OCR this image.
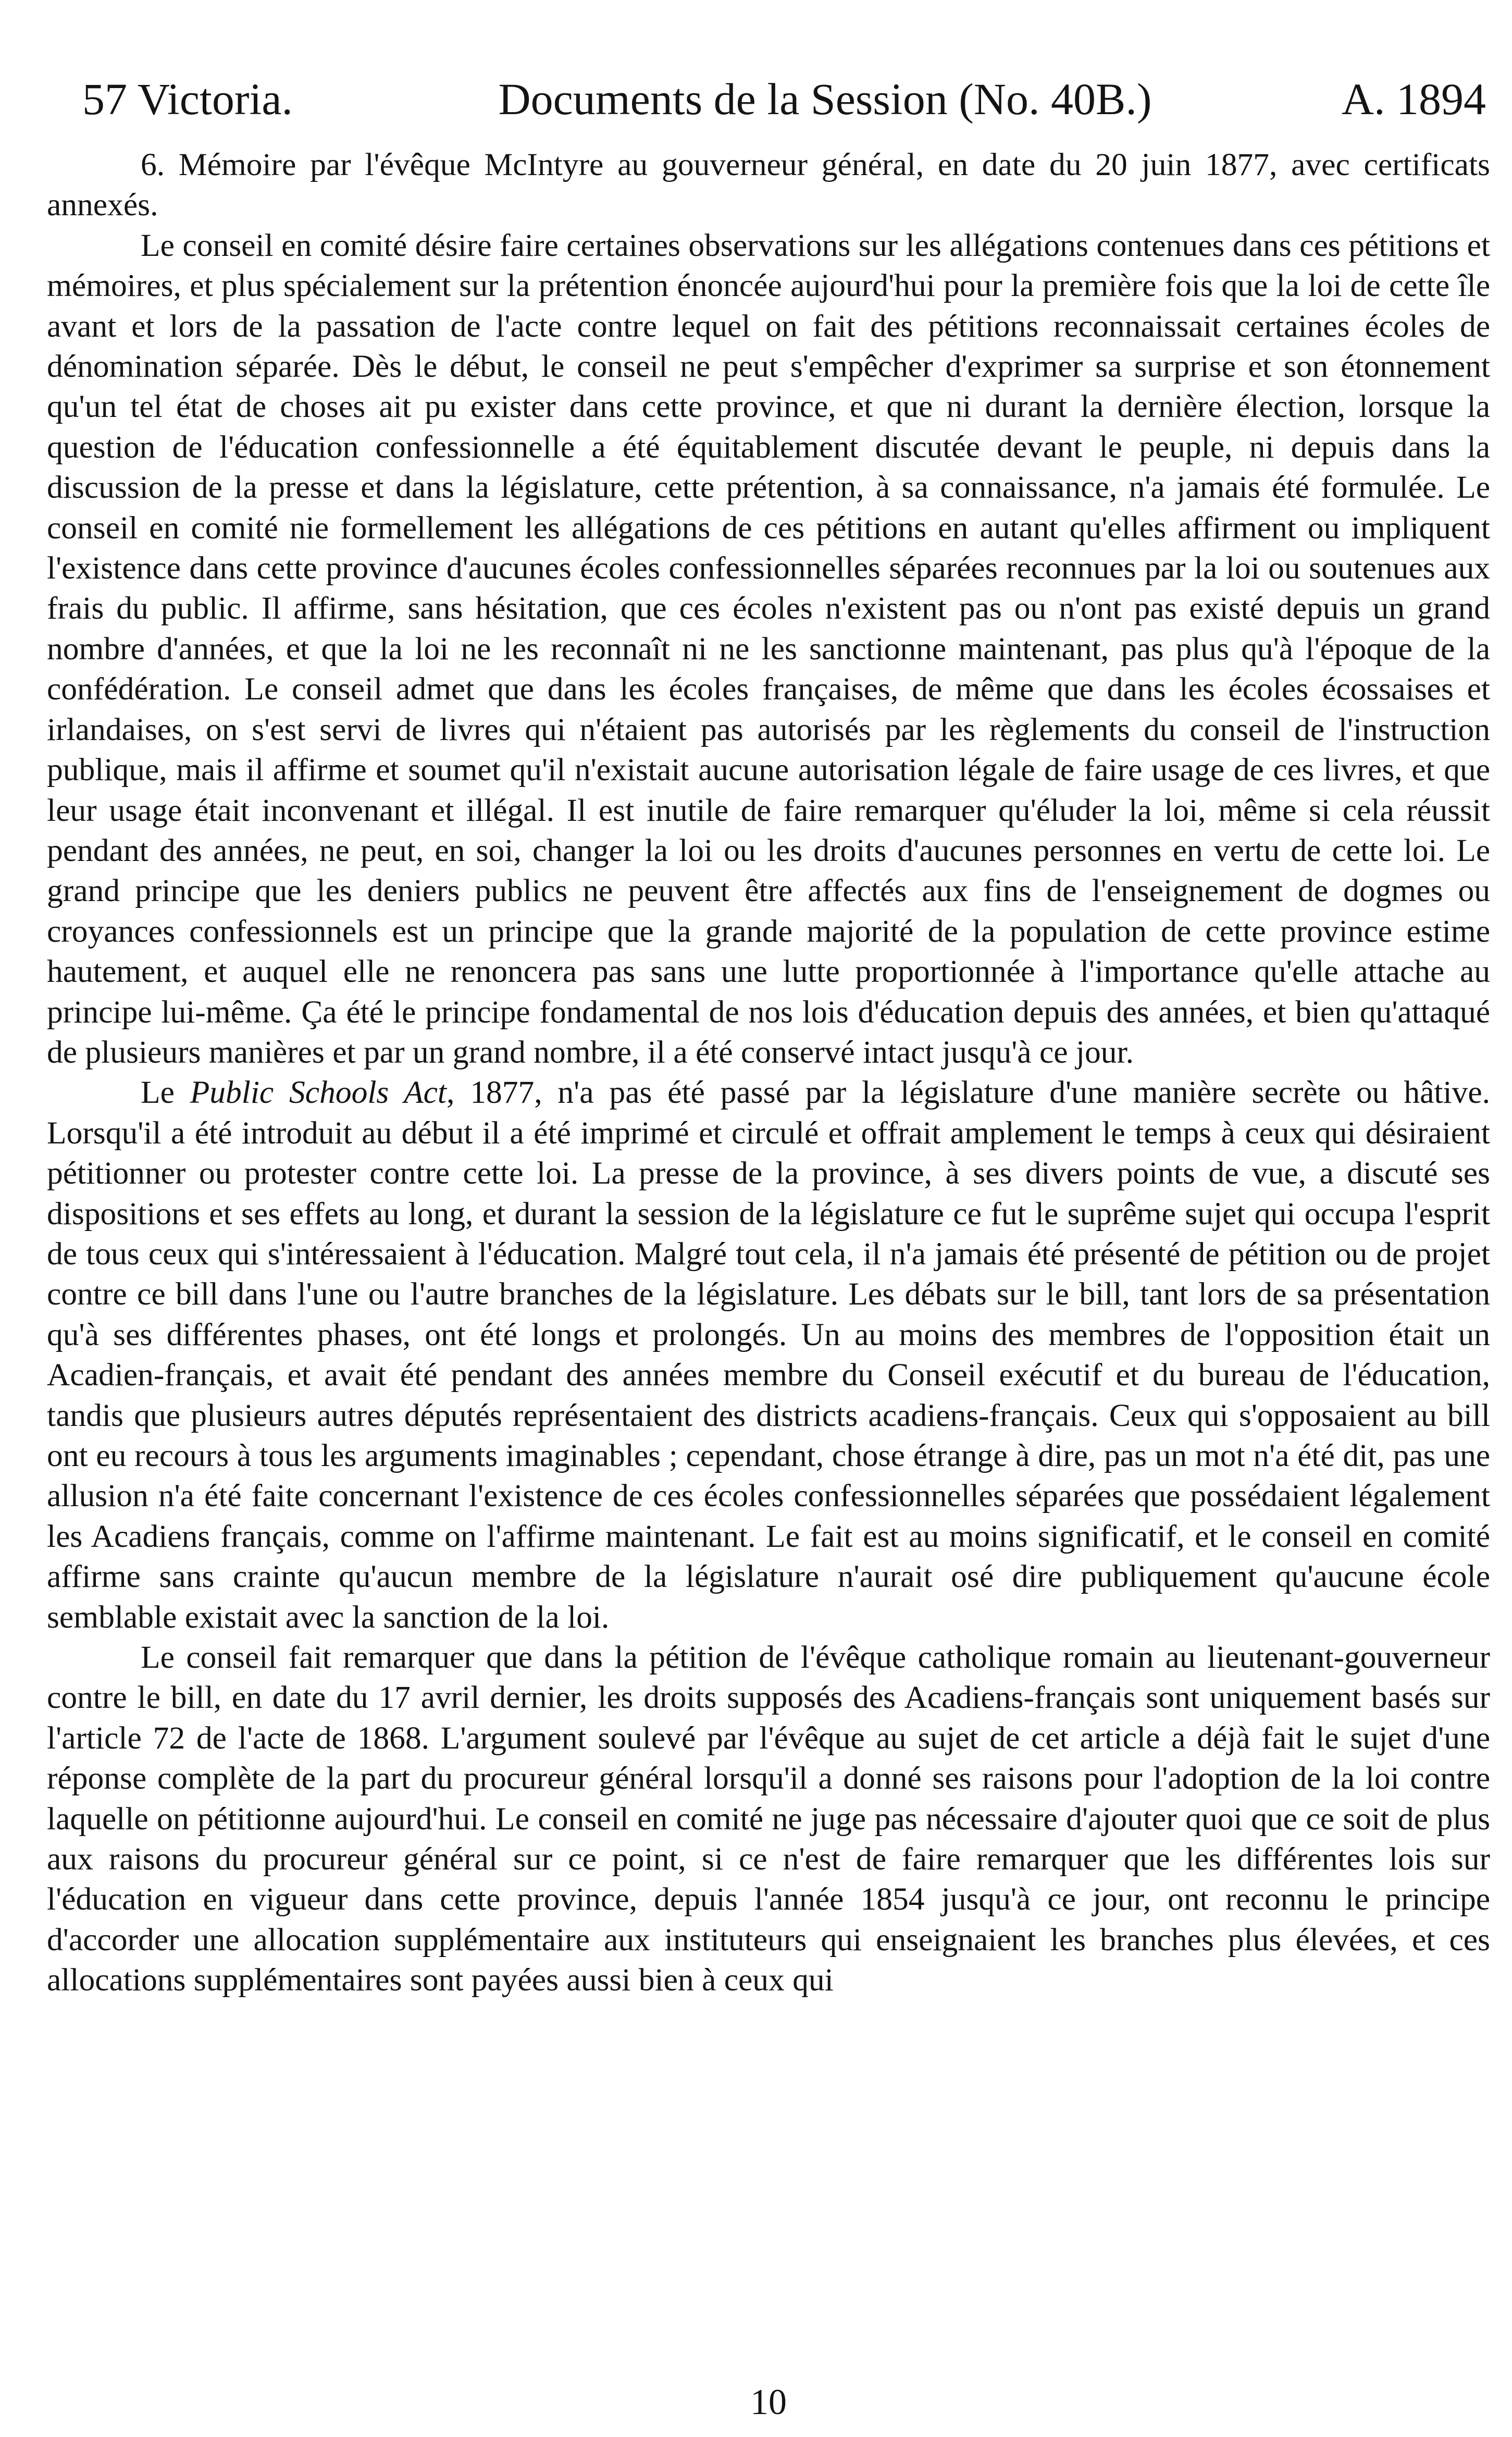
57 Victoria.	Documents de la Session (No. 40B.)	A. 1894

6. Mémoire par l'évêque McIntyre au gouverneur général, en date du 20 juin 1877, avec certificats annexés.

Le conseil en comité désire faire certaines observations sur les allégations contenues dans ces pétitions et mémoires, et plus spécialement sur la prétention énoncée aujourd'hui pour la première fois que la loi de cette île avant et lors de la passation de l'acte contre lequel on fait des pétitions reconnaissait certaines écoles de dénomination séparée. Dès le début, le conseil ne peut s'empêcher d'exprimer sa surprise et son étonnement qu'un tel état de choses ait pu exister dans cette province, et que ni durant la dernière élection, lorsque la question de l'éducation confessionnelle a été équitablement discutée devant le peuple, ni depuis dans la discussion de la presse et dans la législature, cette prétention, à sa connaissance, n'a jamais été formulée. Le conseil en comité nie formellement les allégations de ces pétitions en autant qu'elles affirment ou impliquent l'existence dans cette province d'aucunes écoles confessionnelles séparées reconnues par la loi ou soutenues aux frais du public. Il affirme, sans hésitation, que ces écoles n'existent pas ou n'ont pas existé depuis un grand nombre d'années, et que la loi ne les reconnaît ni ne les sanctionne maintenant, pas plus qu'à l'époque de la confédération. Le conseil admet que dans les écoles françaises, de même que dans les écoles écossaises et irlandaises, on s'est servi de livres qui n'étaient pas autorisés par les règlements du conseil de l'instruction publique, mais il affirme et soumet qu'il n'existait aucune autorisation légale de faire usage de ces livres, et que leur usage était inconvenant et illégal. Il est inutile de faire remarquer qu'éluder la loi, même si cela réussit pendant des années, ne peut, en soi, changer la loi ou les droits d'aucunes personnes en vertu de cette loi. Le grand principe que les deniers publics ne peuvent être affectés aux fins de l'enseignement de dogmes ou croyances confessionnels est un principe que la grande majorité de la population de cette province estime hautement, et auquel elle ne renoncera pas sans une lutte proportionnée à l'importance qu'elle attache au principe lui-même. Ça été le principe fondamental de nos lois d'éducation depuis des années, et bien qu'attaqué de plusieurs manières et par un grand nombre, il a été conservé intact jusqu'à ce jour.

Le Public Schools Act, 1877, n'a pas été passé par la législature d'une manière secrète ou hâtive. Lorsqu'il a été introduit au début il a été imprimé et circulé et offrait amplement le temps à ceux qui désiraient pétitionner ou protester contre cette loi. La presse de la province, à ses divers points de vue, a discuté ses dispositions et ses effets au long, et durant la session de la législature ce fut le suprême sujet qui occupa l'esprit de tous ceux qui s'intéressaient à l'éducation. Malgré tout cela, il n'a jamais été présenté de pétition ou de projet contre ce bill dans l'une ou l'autre branches de la législature. Les débats sur le bill, tant lors de sa présentation qu'à ses différentes phases, ont été longs et prolongés. Un au moins des membres de l'opposition était un Acadien-français, et avait été pendant des années membre du Conseil exécutif et du bureau de l'éducation, tandis que plusieurs autres députés représentaient des districts acadiens-français. Ceux qui s'opposaient au bill ont eu recours à tous les arguments imaginables ; cependant, chose étrange à dire, pas un mot n'a été dit, pas une allusion n'a été faite concernant l'existence de ces écoles confessionnelles séparées que possédaient légalement les Acadiens français, comme on l'affirme maintenant. Le fait est au moins significatif, et le conseil en comité affirme sans crainte qu'aucun membre de la législature n'aurait osé dire publiquement qu'aucune école semblable existait avec la sanction de la loi.

Le conseil fait remarquer que dans la pétition de l'évêque catholique romain au lieutenant-gouverneur contre le bill, en date du 17 avril dernier, les droits supposés des Acadiens-français sont uniquement basés sur l'article 72 de l'acte de 1868. L'argument soulevé par l'évêque au sujet de cet article a déjà fait le sujet d'une réponse complète de la part du procureur général lorsqu'il a donné ses raisons pour l'adoption de la loi contre laquelle on pétitionne aujourd'hui. Le conseil en comité ne juge pas nécessaire d'ajouter quoi que ce soit de plus aux raisons du procureur général sur ce point, si ce n'est de faire remarquer que les différentes lois sur l'éducation en vigueur dans cette province, depuis l'année 1854 jusqu'à ce jour, ont reconnu le principe d'accorder une allocation supplémentaire aux instituteurs qui enseignaient les branches plus élevées, et ces allocations supplémentaires sont payées aussi bien à ceux qui

10
